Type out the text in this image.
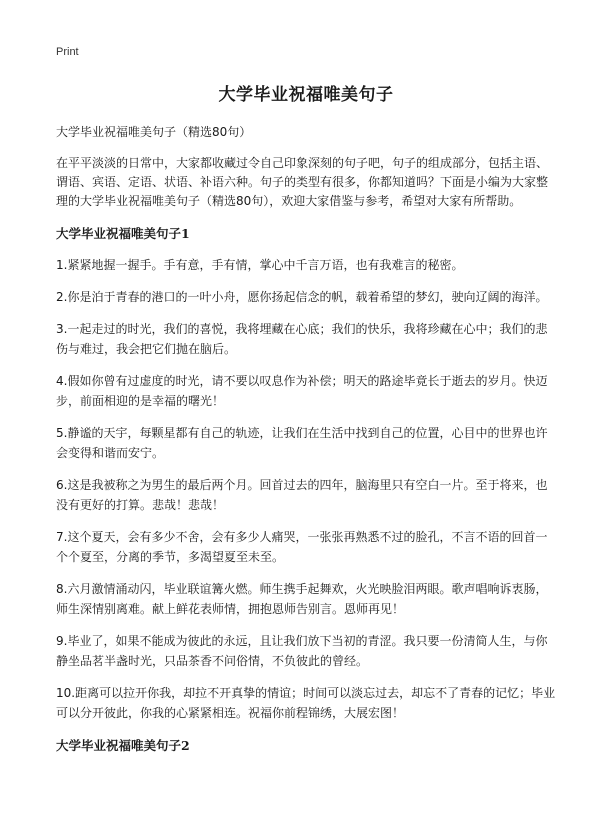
Print
大学毕业祝福唯美句子

大学毕业祝福唯美句子（精选80句）

在平平淡淡的日常中，大家都收藏过令自己印象深刻的句子吧，句子的组成部分，包括主语、谓语、宾语、定语、状语、补语六种。句子的类型有很多，你都知道吗？下面是小编为大家整理的大学毕业祝福唯美句子（精选80句），欢迎大家借鉴与参考，希望对大家有所帮助。

大学毕业祝福唯美句子1

1.紧紧地握一握手。手有意，手有情，掌心中千言万语，也有我难言的秘密。

2.你是泊于青春的港口的一叶小舟，愿你扬起信念的帆，载着希望的梦幻，驶向辽阔的海洋。

3.一起走过的时光，我们的喜悦，我将埋藏在心底；我们的快乐，我将珍藏在心中；我们的悲伤与难过，我会把它们抛在脑后。

4.假如你曾有过虚度的时光，请不要以叹息作为补偿；明天的路途毕竟长于逝去的岁月。快迈步，前面相迎的是幸福的曙光！

5.静谧的天宇，每颗星都有自己的轨迹，让我们在生活中找到自己的位置，心目中的世界也许会变得和谐而安宁。

6.这是我被称之为男生的最后两个月。回首过去的四年，脑海里只有空白一片。至于将来，也没有更好的打算。悲哉！悲哉！

7.这个夏天，会有多少不舍，会有多少人痛哭，一张张再熟悉不过的脸孔，不言不语的回首一个个夏至，分离的季节，多渴望夏至未至。

8.六月激情涌动闪，毕业联谊篝火燃。师生携手起舞欢，火光映脸泪两眼。歌声唱响诉衷肠，师生深情别离难。献上鲜花表师情，拥抱恩师告别言。恩师再见！

9.毕业了，如果不能成为彼此的永远，且让我们放下当初的青涩。我只要一份清简人生，与你静坐品茗半盏时光，只品茶香不问俗情，不负彼此的曾经。

10.距离可以拉开你我，却拉不开真挚的情谊；时间可以淡忘过去，却忘不了青春的记忆；毕业可以分开彼此，你我的心紧紧相连。祝福你前程锦绣，大展宏图！

大学毕业祝福唯美句子2
